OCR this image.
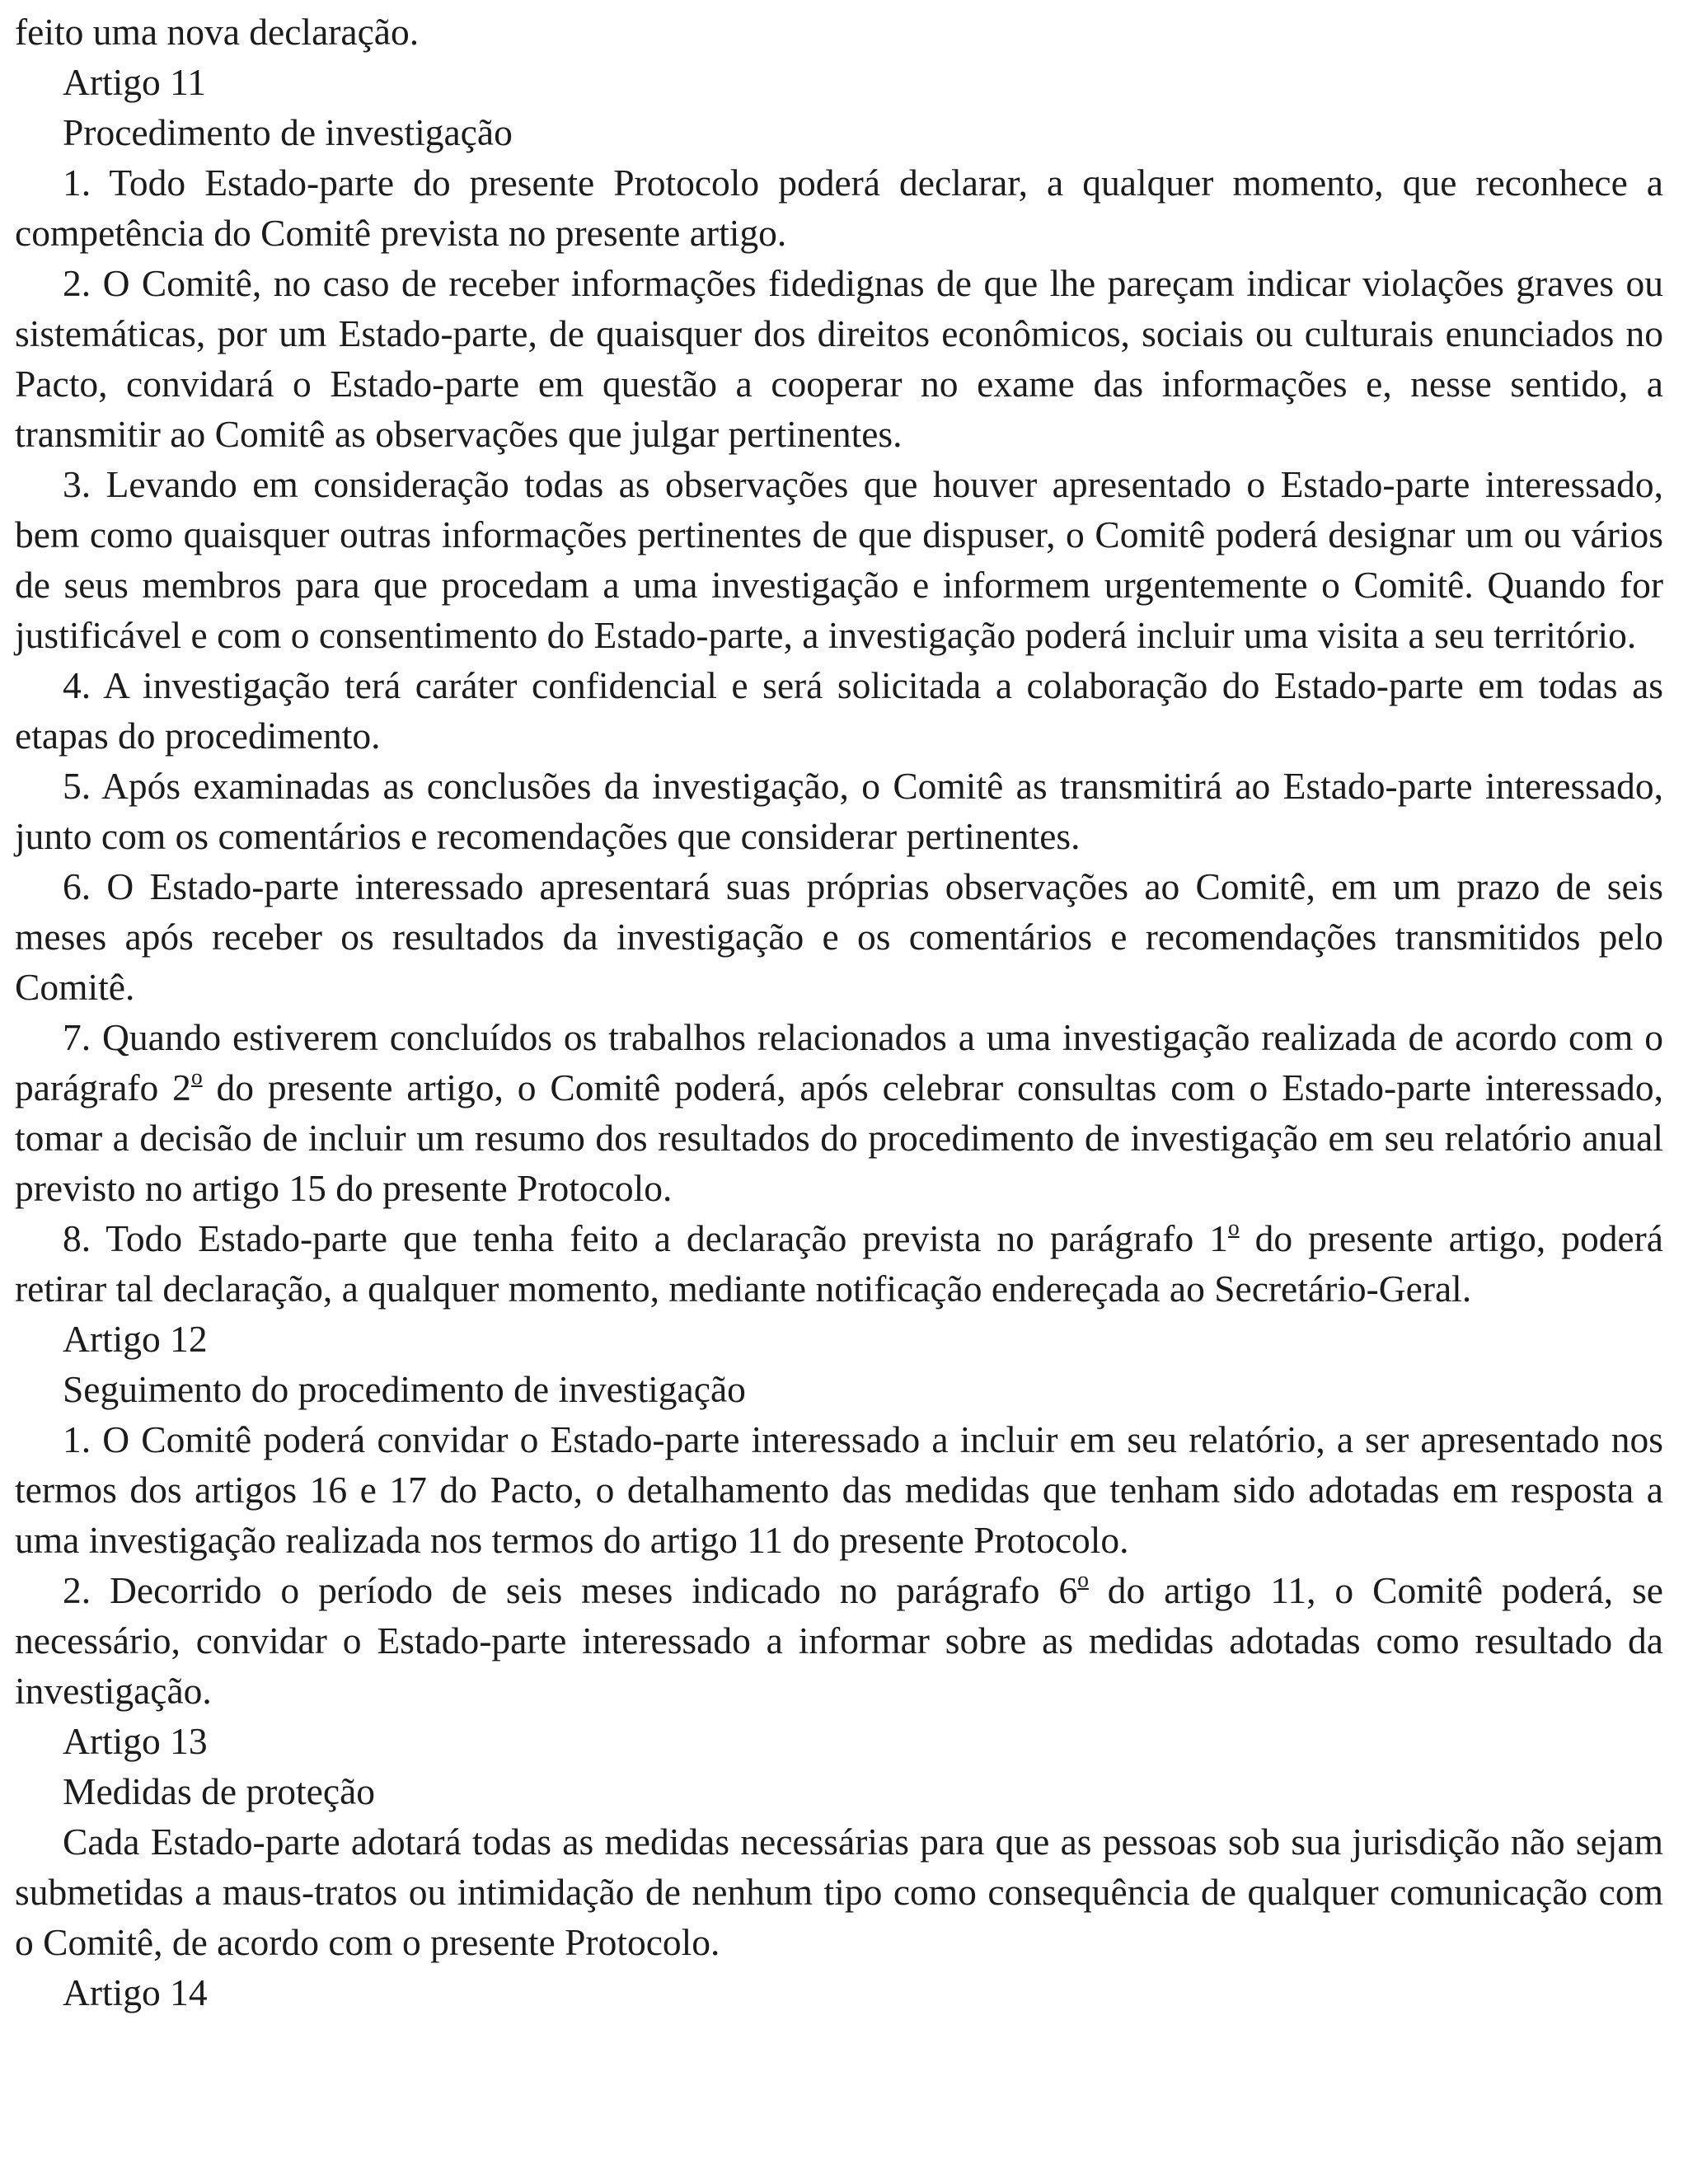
feito uma nova declaração.

Artigo 11

Procedimento de investigação

1. Todo Estado-parte do presente Protocolo poderá declarar, a qualquer momento, que reconhece a competência do Comitê prevista no presente artigo.

2. O Comitê, no caso de receber informações fidedignas de que lhe pareçam indicar violações graves ou sistemáticas, por um Estado-parte, de quaisquer dos direitos econômicos, sociais ou culturais enunciados no Pacto, convidará o Estado-parte em questão a cooperar no exame das informações e, nesse sentido, a transmitir ao Comitê as observações que julgar pertinentes.

3. Levando em consideração todas as observações que houver apresentado o Estado-parte interessado, bem como quaisquer outras informações pertinentes de que dispuser, o Comitê poderá designar um ou vários de seus membros para que procedam a uma investigação e informem urgentemente o Comitê. Quando for justificável e com o consentimento do Estado-parte, a investigação poderá incluir uma visita a seu território.

4. A investigação terá caráter confidencial e será solicitada a colaboração do Estado-parte em todas as etapas do procedimento.

5. Após examinadas as conclusões da investigação, o Comitê as transmitirá ao Estado-parte interessado, junto com os comentários e recomendações que considerar pertinentes.

6. O Estado-parte interessado apresentará suas próprias observações ao Comitê, em um prazo de seis meses após receber os resultados da investigação e os comentários e recomendações transmitidos pelo Comitê.

7. Quando estiverem concluídos os trabalhos relacionados a uma investigação realizada de acordo com o parágrafo 2$^o$ do presente artigo, o Comitê poderá, após celebrar consultas com o Estado-parte interessado, tomar a decisão de incluir um resumo dos resultados do procedimento de investigação em seu relatório anual previsto no artigo 15 do presente Protocolo.

8. Todo Estado-parte que tenha feito a declaração prevista no parágrafo 1$^o$ do presente artigo, poderá retirar tal declaração, a qualquer momento, mediante notificação endereçada ao Secretário-Geral.

Artigo 12

Seguimento do procedimento de investigação

1. O Comitê poderá convidar o Estado-parte interessado a incluir em seu relatório, a ser apresentado nos termos dos artigos 16 e 17 do Pacto, o detalhamento das medidas que tenham sido adotadas em resposta a uma investigação realizada nos termos do artigo 11 do presente Protocolo.

2. Decorrido o período de seis meses indicado no parágrafo 6$^o$ do artigo 11, o Comitê poderá, se necessário, convidar o Estado-parte interessado a informar sobre as medidas adotadas como resultado da investigação.

Artigo 13

Medidas de proteção

Cada Estado-parte adotará todas as medidas necessárias para que as pessoas sob sua jurisdição não sejam submetidas a maus-tratos ou intimidação de nenhum tipo como consequência de qualquer comunicação com o Comitê, de acordo com o presente Protocolo.

Artigo 14
